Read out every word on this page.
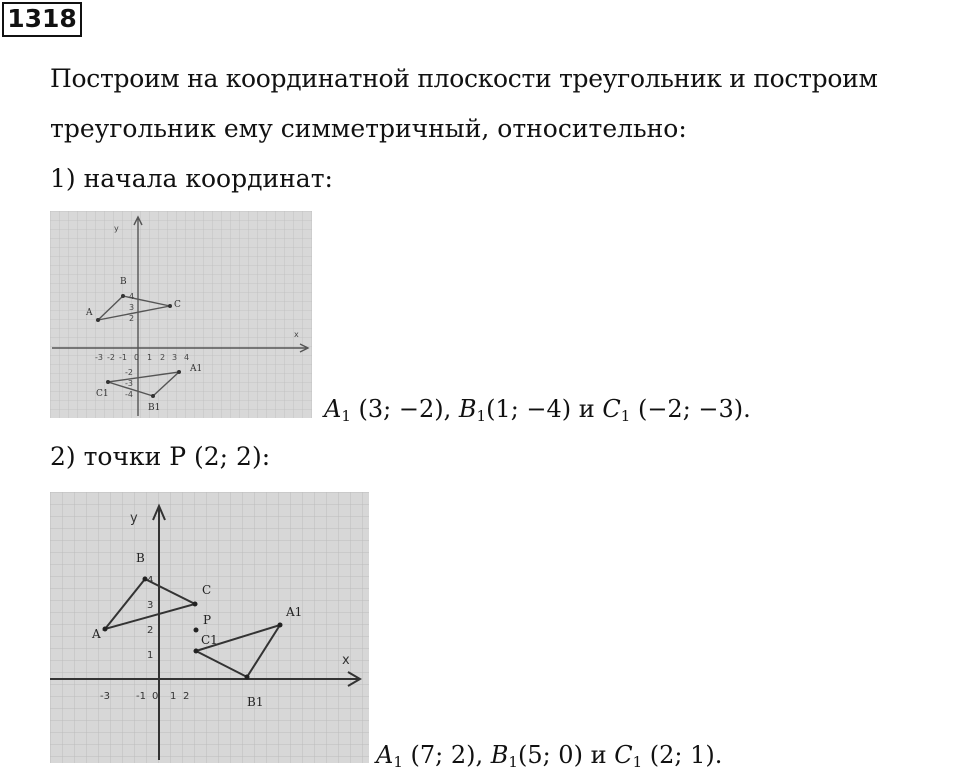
1318
Построим на координатной плоскости треугольник и построим
треугольник ему симметричный, относительно:
1) начала координат:
y
x
-3 -2 -1 0 1 2 3 4
4
3
2
-2
-3
-4
A
B
C
A1
B1
C1
$A_1$ (3; −2), $B_1(1$; −4) и $C_1$ (−2; −3).
2) точки P (2; 2):
y
x
-3	-1 0 1 2
4
3
2
1
A
B
C
P
A1
B1
C1
$A_1$ (7; 2), $B_1(5$; 0) и $C_1$ (2; 1).
